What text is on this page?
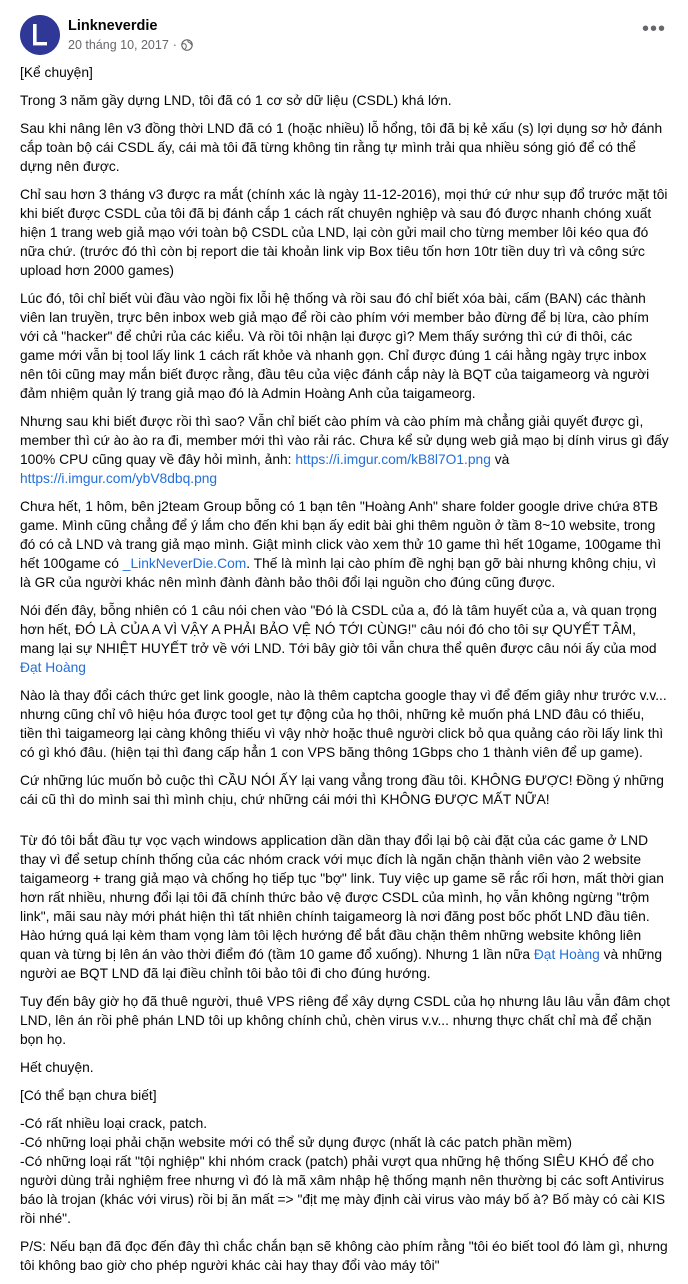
Linkneverdie
20 tháng 10, 2017 ·
•••

[Kể chuyện]

Trong 3 năm gầy dựng LND, tôi đã có 1 cơ sở dữ liệu (CSDL) khá lớn.

Sau khi nâng lên v3 đồng thời LND đã có 1 (hoặc nhiều) lỗ hổng, tôi đã bị kẻ xấu (s) lợi dụng sơ hở đánh cắp toàn bộ cái CSDL ấy, cái mà tôi đã từng không tin rằng tự mình trải qua nhiều sóng gió để có thể dựng nên được.

Chỉ sau hơn 3 tháng v3 được ra mắt (chính xác là ngày 11-12-2016), mọi thứ cứ như sụp đổ trước mặt tôi khi biết được CSDL của tôi đã bị đánh cắp 1 cách rất chuyên nghiệp và sau đó được nhanh chóng xuất hiện 1 trang web giả mạo với toàn bộ CSDL của LND, lại còn gửi mail cho từng member lôi kéo qua đó nữa chứ. (trước đó thì còn bị report die tài khoản link vip Box tiêu tốn hơn 10tr tiền duy trì và công sức upload hơn 2000 games)

Lúc đó, tôi chỉ biết vùi đầu vào ngồi fix lỗi hệ thống và rồi sau đó chỉ biết xóa bài, cấm (BAN) các thành viên lan truyền, trực bên inbox web giả mạo để rồi cào phím với member bảo đừng để bị lừa, cào phím với cả "hacker" để chửi rủa các kiểu. Và rồi tôi nhận lại được gì? Mem thấy sướng thì cứ đi thôi, các game mới vẫn bị tool lấy link 1 cách rất khỏe và nhanh gọn. Chỉ được đúng 1 cái hằng ngày trực inbox nên tôi cũng may mắn biết được rằng, đầu têu của việc đánh cắp này là BQT của taigameorg và người đảm nhiệm quản lý trang giả mạo đó là Admin Hoàng Anh của taigameorg.

Nhưng sau khi biết được rồi thì sao? Vẫn chỉ biết cào phím và cào phím mà chẳng giải quyết được gì, member thì cứ ào ào ra đi, member mới thì vào rải rác. Chưa kể sử dụng web giả mạo bị dính virus gì đấy 100% CPU cũng quay về đây hỏi mình, ảnh: https://i.imgur.com/kB8l7O1.png và https://i.imgur.com/ybV8dbq.png

Chưa hết, 1 hôm, bên j2team Group bỗng có 1 bạn tên "Hoàng Anh" share folder google drive chứa 8TB game. Mình cũng chẳng để ý lắm cho đến khi bạn ấy edit bài ghi thêm nguồn ở tầm 8~10 website, trong đó có cả LND và trang giả mạo mình. Giật mình click vào xem thử 10 game thì hết 10game, 100game thì hết 100game có _LinkNeverDie.Com. Thế là mình lại cào phím đề nghị bạn gỡ bài nhưng không chịu, vì là GR của người khác nên mình đành đành bảo thôi đổi lại nguồn cho đúng cũng được.

Nói đến đây, bỗng nhiên có 1 câu nói chen vào "Đó là CSDL của a, đó là tâm huyết của a, và quan trọng hơn hết, ĐÓ LÀ CỦA A VÌ VẬY A PHẢI BẢO VỆ NÓ TỚI CÙNG!" câu nói đó cho tôi sự QUYẾT TÂM, mang lại sự NHIỆT HUYẾT trở về với LND. Tới bây giờ tôi vẫn chưa thể quên được câu nói ấy của mod Đạt Hoàng

Nào là thay đổi cách thức get link google, nào là thêm captcha google thay vì để đếm giây như trước v.v... nhưng cũng chỉ vô hiệu hóa được tool get tự động của họ thôi, những kẻ muốn phá LND đâu có thiếu, tiền thì taigameorg lại càng không thiếu vì vậy nhờ hoặc thuê người click bỏ qua quảng cáo rồi lấy link thì có gì khó đâu. (hiện tại thì đang cấp hẳn 1 con VPS băng thông 1Gbps cho 1 thành viên để up game).

Cứ những lúc muốn bỏ cuộc thì CẦU NÓI ẤY lại vang vẳng trong đầu tôi. KHÔNG ĐƯỢC! Đồng ý những cái cũ thì do mình sai thì mình chịu, chứ những cái mới thì KHÔNG ĐƯỢC MẤT NỮA!

Từ đó tôi bắt đầu tự vọc vạch windows application dần dần thay đổi lại bộ cài đặt của các game ở LND thay vì để setup chính thống của các nhóm crack với mục đích là ngăn chặn thành viên vào 2 website taigameorg + trang giả mạo và chống họ tiếp tục "bợ" link. Tuy việc up game sẽ rắc rối hơn, mất thời gian hơn rất nhiều, nhưng đổi lại tôi đã chính thức bảo vệ được CSDL của mình, họ vẫn không ngừng "trộm link", mãi sau này mới phát hiện thì tất nhiên chính taigameorg là nơi đăng post bốc phốt LND đầu tiên. Hào hứng quá lại kèm tham vọng làm tôi lệch hướng để bắt đầu chặn thêm những website không liên quan và từng bị lên án vào thời điểm đó (tầm 10 game đổ xuống). Nhưng 1 lần nữa Đạt Hoàng và những người ae BQT LND đã lại điều chỉnh tôi bảo tôi đi cho đúng hướng.

Tuy đến bây giờ họ đã thuê người, thuê VPS riêng để xây dựng CSDL của họ nhưng lâu lâu vẫn đâm chọt LND, lên án rồi phê phán LND tôi up không chính chủ, chèn virus v.v... nhưng thực chất chỉ mà để chặn bọn họ.

Hết chuyện.

[Có thể bạn chưa biết]

-Có rất nhiều loại crack, patch.
-Có những loại phải chặn website mới có thể sử dụng được (nhất là các patch phần mềm)
-Có những loại rất "tội nghiệp" khi nhóm crack (patch) phải vượt qua những hệ thống SIÊU KHÓ để cho người dùng trải nghiệm free nhưng vì đó là mã xâm nhập hệ thống mạnh nên thường bị các soft Antivirus báo là trojan (khác với virus) rồi bị ăn mất => "địt mẹ mày định cài virus vào máy bố à? Bố mày có cài KIS rồi nhé".

P/S: Nếu bạn đã đọc đến đây thì chắc chắn bạn sẽ không cào phím rằng "tôi éo biết tool đó làm gì, nhưng tôi không bao giờ cho phép người khác cài hay thay đổi vào máy tôi"
